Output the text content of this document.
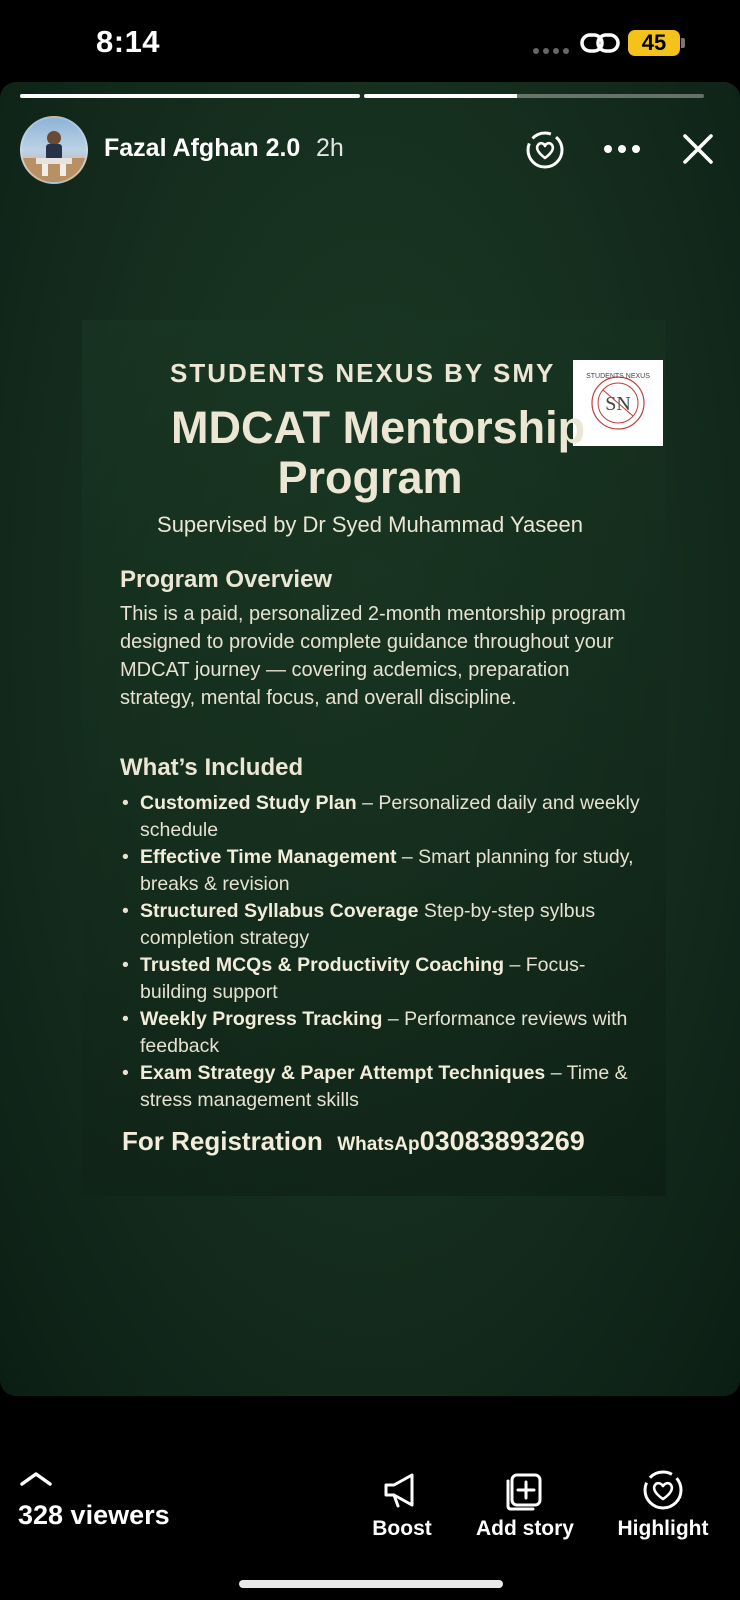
8:14	45
Fazal Afghan 2.0 2h
STUDENTS NEXUS
SN
STUDENTS NEXUS BY SMY
MDCAT Mentorship
Program
Supervised by Dr Syed Muhammad Yaseen
Program Overview
This is a paid, personalized 2-month mentorship program designed to provide complete guidance throughout your MDCAT journey — covering acdemics, preparation strategy, mental focus, and overall discipline.
What’s Included
• Customized Study Plan – Personalized daily and weekly schedule
• Effective Time Management – Smart planning for study, breaks & revision
• Structured Syllabus Coverage Step-by-step sylbus completion strategy
• Trusted MCQs & Productivity Coaching – Focus-building support
• Weekly Progress Tracking – Performance reviews with feedback
• Exam Strategy & Paper Attempt Techniques – Time & stress management skills
For Registration WhatsAp03083893269
328 viewers	Boost	Add story	Highlight
